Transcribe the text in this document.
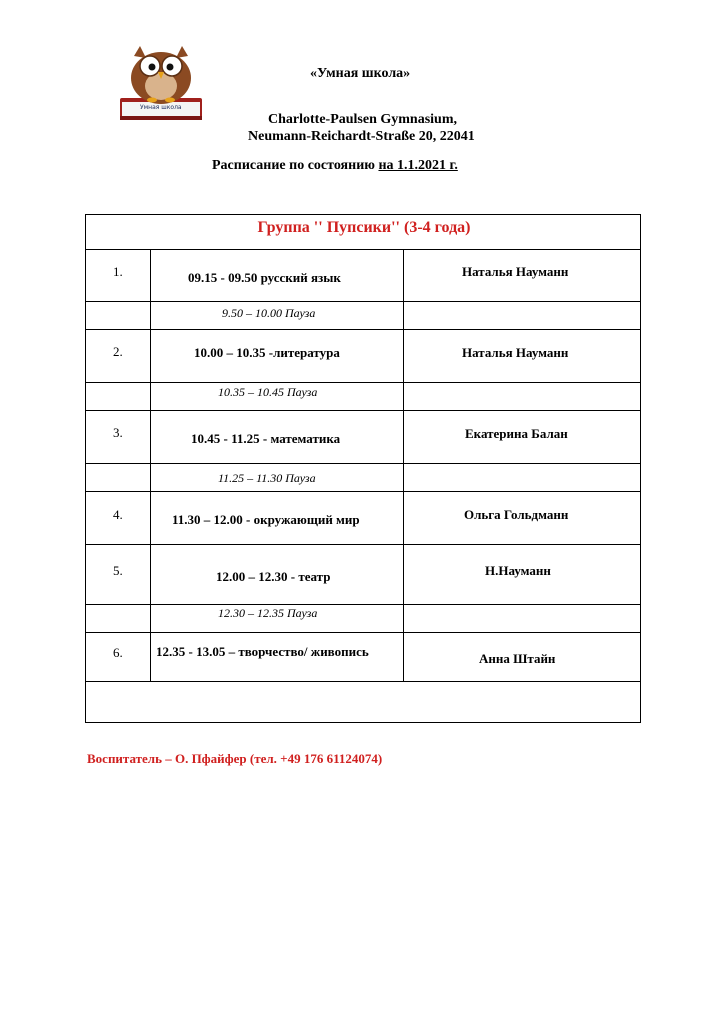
Умная школа
«Умная школа»
Charlotte-Paulsen Gymnasium,
Neumann-Reichardt-Straße 20, 22041
Расписание по состоянию на 1.1.2021 г.
Группа '' Пупсики'' (3-4 года)
1.	09.15 - 09.50 русский язык	Наталья Науманн
9.50 – 10.00 Пауза
2.	10.00 – 10.35 -литература	Наталья Науманн
10.35 – 10.45 Пауза
3.	10.45 - 11.25 - математика	Екатерина Балан
11.25 – 11.30 Пауза
4.	11.30 – 12.00 - окружающий мир	Ольга Гольдманн
5.	12.00 – 12.30 - театр	Н.Науманн
12.30 – 12.35 Пауза
6.	12.35 - 13.05 – творчество/ живопись	Анна Штайн
Воспитатель – О. Пфайфер (тел. +49 176 61124074)
